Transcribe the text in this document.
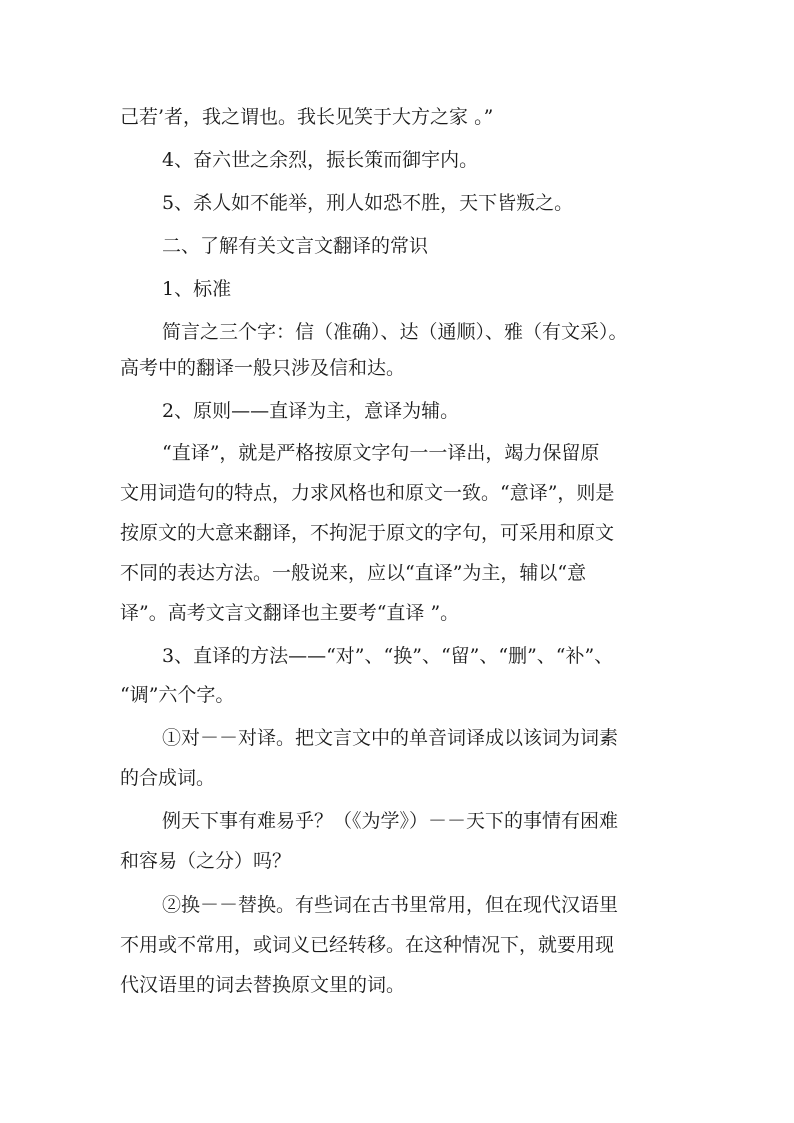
己若’者，我之谓也。我长见笑于大方之家 。”
4、奋六世之余烈，振长策而御宇内。
5、杀人如不能举，刑人如恐不胜，天下皆叛之。
二、了解有关文言文翻译的常识
1、标准
简言之三个字：信（准确）、达（通顺）、雅（有文采）。
高考中的翻译一般只涉及信和达。
2、原则——直译为主，意译为辅。
“直译”，就是严格按原文字句一一译出，竭力保留原
文用词造句的特点，力求风格也和原文一致。“意译”，则是
按原文的大意来翻译，不拘泥于原文的字句，可采用和原文
不同的表达方法。一般说来，应以“直译”为主，辅以“意
译”。高考文言文翻译也主要考“直译 ”。
3、直译的方法——“对”、“换”、“留”、“删”、“补”、
“调”六个字。
①对－－对译。把文言文中的单音词译成以该词为词素
的合成词。
例天下事有难易乎？（《为学》）－－天下的事情有困难
和容易（之分）吗？
②换－－替换。有些词在古书里常用，但在现代汉语里
不用或不常用，或词义已经转移。在这种情况下，就要用现
代汉语里的词去替换原文里的词。
